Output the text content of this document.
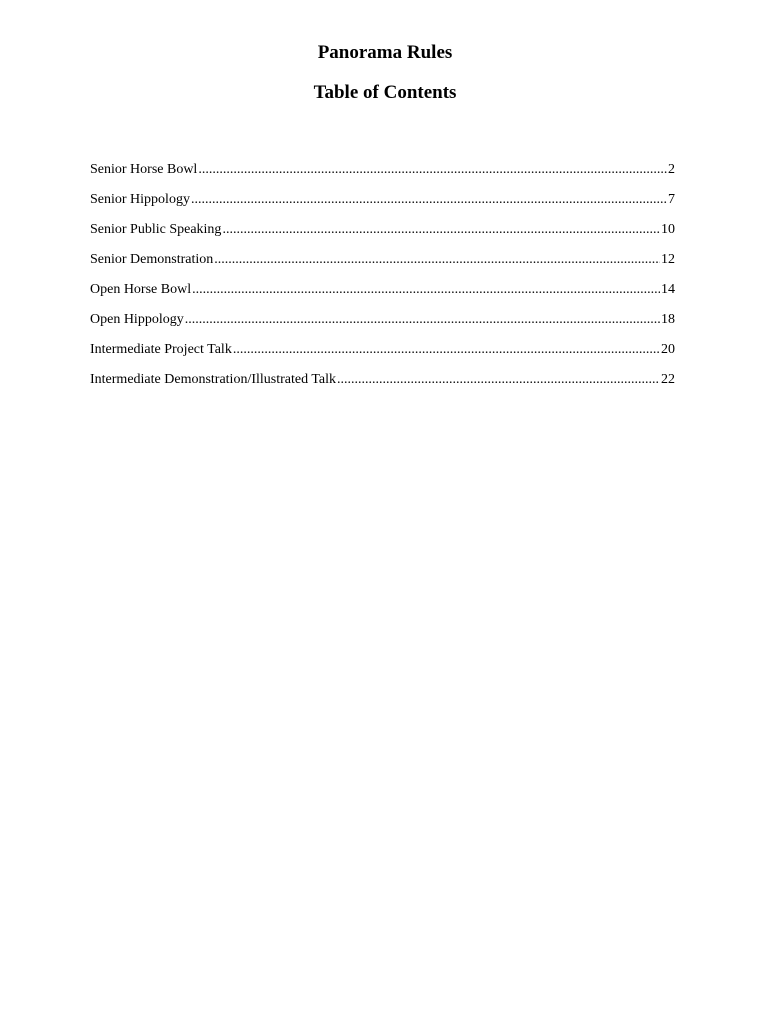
Panorama Rules
Table of Contents
Senior Horse Bowl .....	2
Senior Hippology .....	7
Senior Public Speaking .....	10
Senior Demonstration .....	12
Open Horse Bowl .....	14
Open Hippology .....	18
Intermediate Project Talk .....	20
Intermediate Demonstration/Illustrated Talk .....	22
